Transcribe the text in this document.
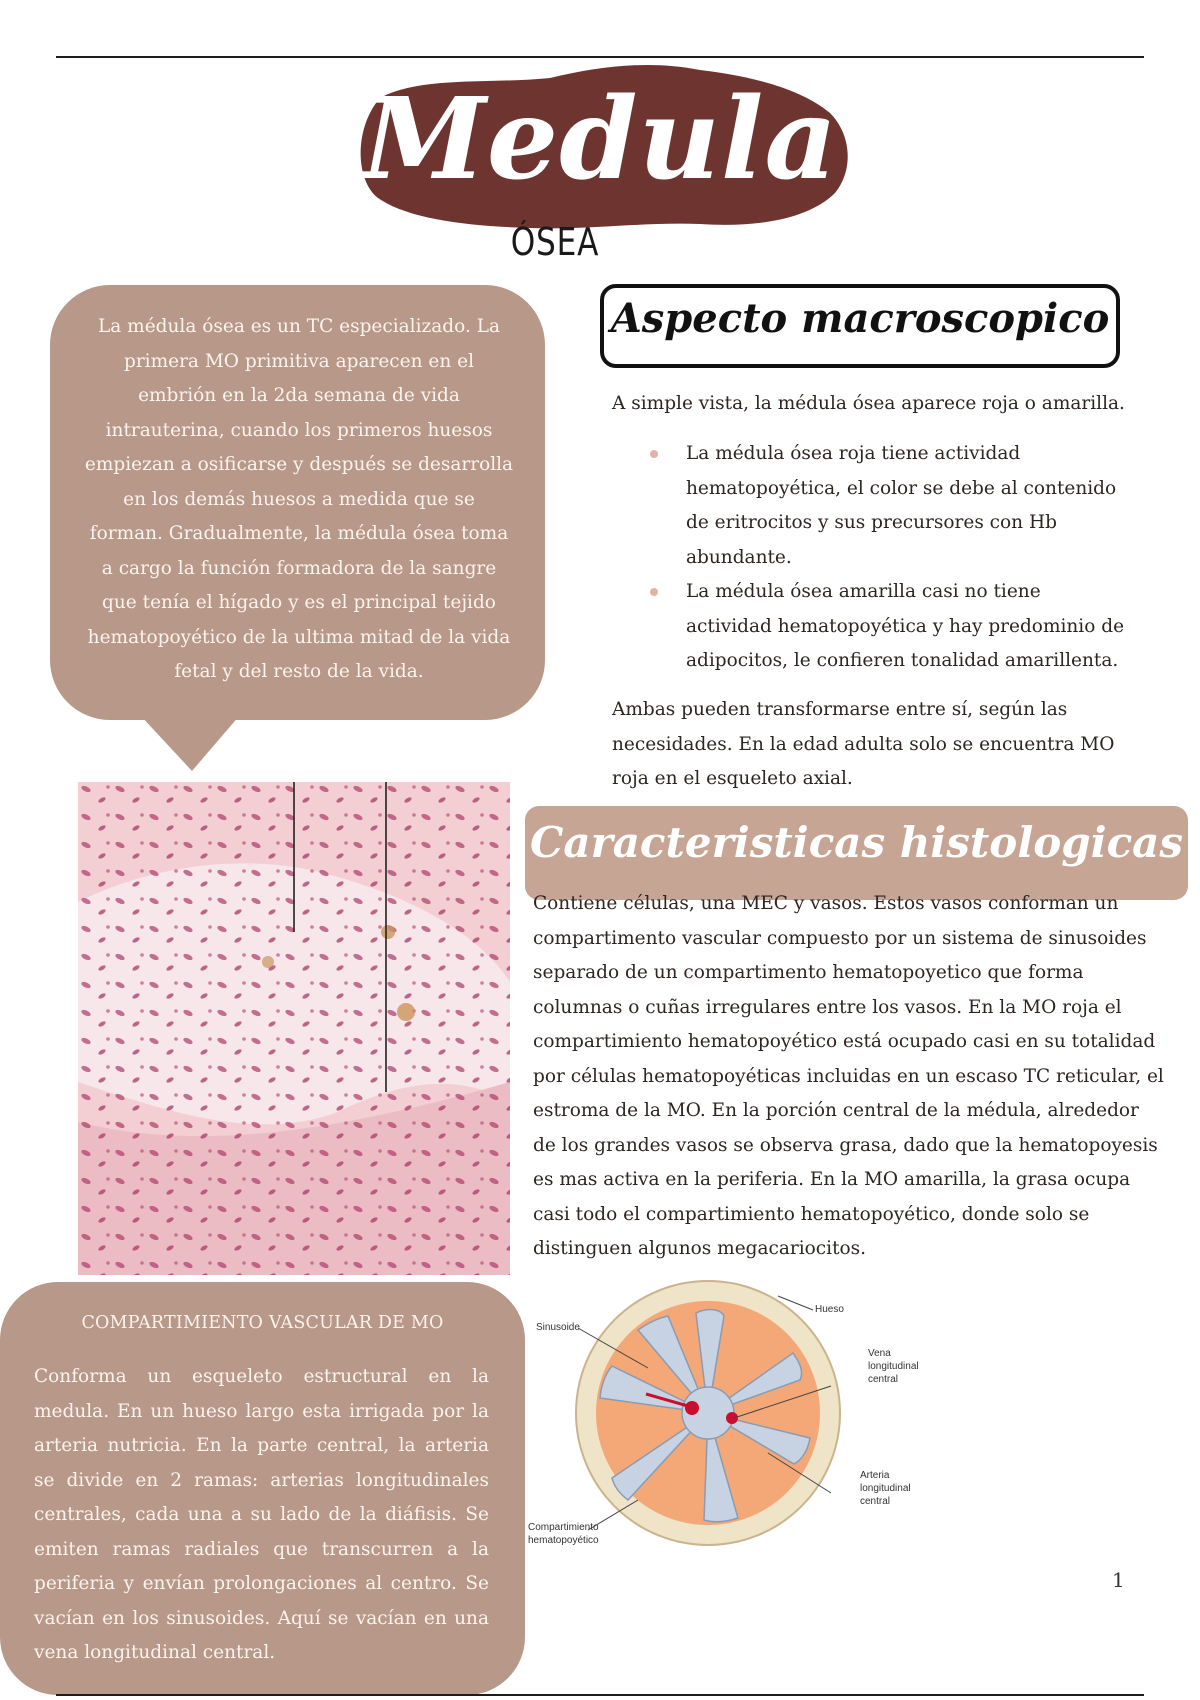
Medula
ÓSEA
La médula ósea es un TC especializado. La primera MO primitiva aparecen en el embrión en la 2da semana de vida intrauterina, cuando los primeros huesos empiezan a osificarse y después se desarrolla en los demás huesos a medida que se forman. Gradualmente, la médula ósea toma a cargo la función formadora de la sangre que tenía el hígado y es el principal tejido hematopoyético de la ultima mitad de la vida fetal y del resto de la vida.
COMPARTIMIENTO VASCULAR DE MO
Conforma un esqueleto estructural en la medula. En un hueso largo esta irrigada por la arteria nutricia. En la parte central, la arteria se divide en 2 ramas: arterias longitudinales centrales, cada una a su lado de la diáfisis. Se emiten ramas radiales que transcurren a la periferia y envían prolongaciones al centro. Se vacían en los sinusoides. Aquí se vacían en una vena longitudinal central.
Aspecto macroscopico
A simple vista, la médula ósea aparece roja o amarilla.
La médula ósea roja tiene actividad hematopoyética, el color se debe al contenido de eritrocitos y sus precursores con Hb abundante.
La médula ósea amarilla casi no tiene actividad hematopoyética y hay predominio de adipocitos, le confieren tonalidad amarillenta.
Ambas pueden transformarse entre sí, según las necesidades. En la edad adulta solo se encuentra MO roja en el esqueleto axial.
Caracteristicas histologicas
Contiene células, una MEC y vasos. Estos vasos conforman un compartimento vascular compuesto por un sistema de sinusoides separado de un compartimento hematopoyetico que forma columnas o cuñas irregulares entre los vasos. En la MO roja el compartimiento hematopoyético está ocupado casi en su totalidad por células hematopoyéticas incluidas en un escaso TC reticular, el estroma de la MO. En la porción central de la médula, alrededor de los grandes vasos se observa grasa, dado que la hematopoyesis es mas activa en la periferia. En la MO amarilla, la grasa ocupa casi todo el compartimiento hematopoyético, donde solo se distinguen algunos megacariocitos.
Sinusoide
Hueso
Vena
longitudinal
central
Arteria
longitudinal
central
Compartimiento
hematopoyético
1
